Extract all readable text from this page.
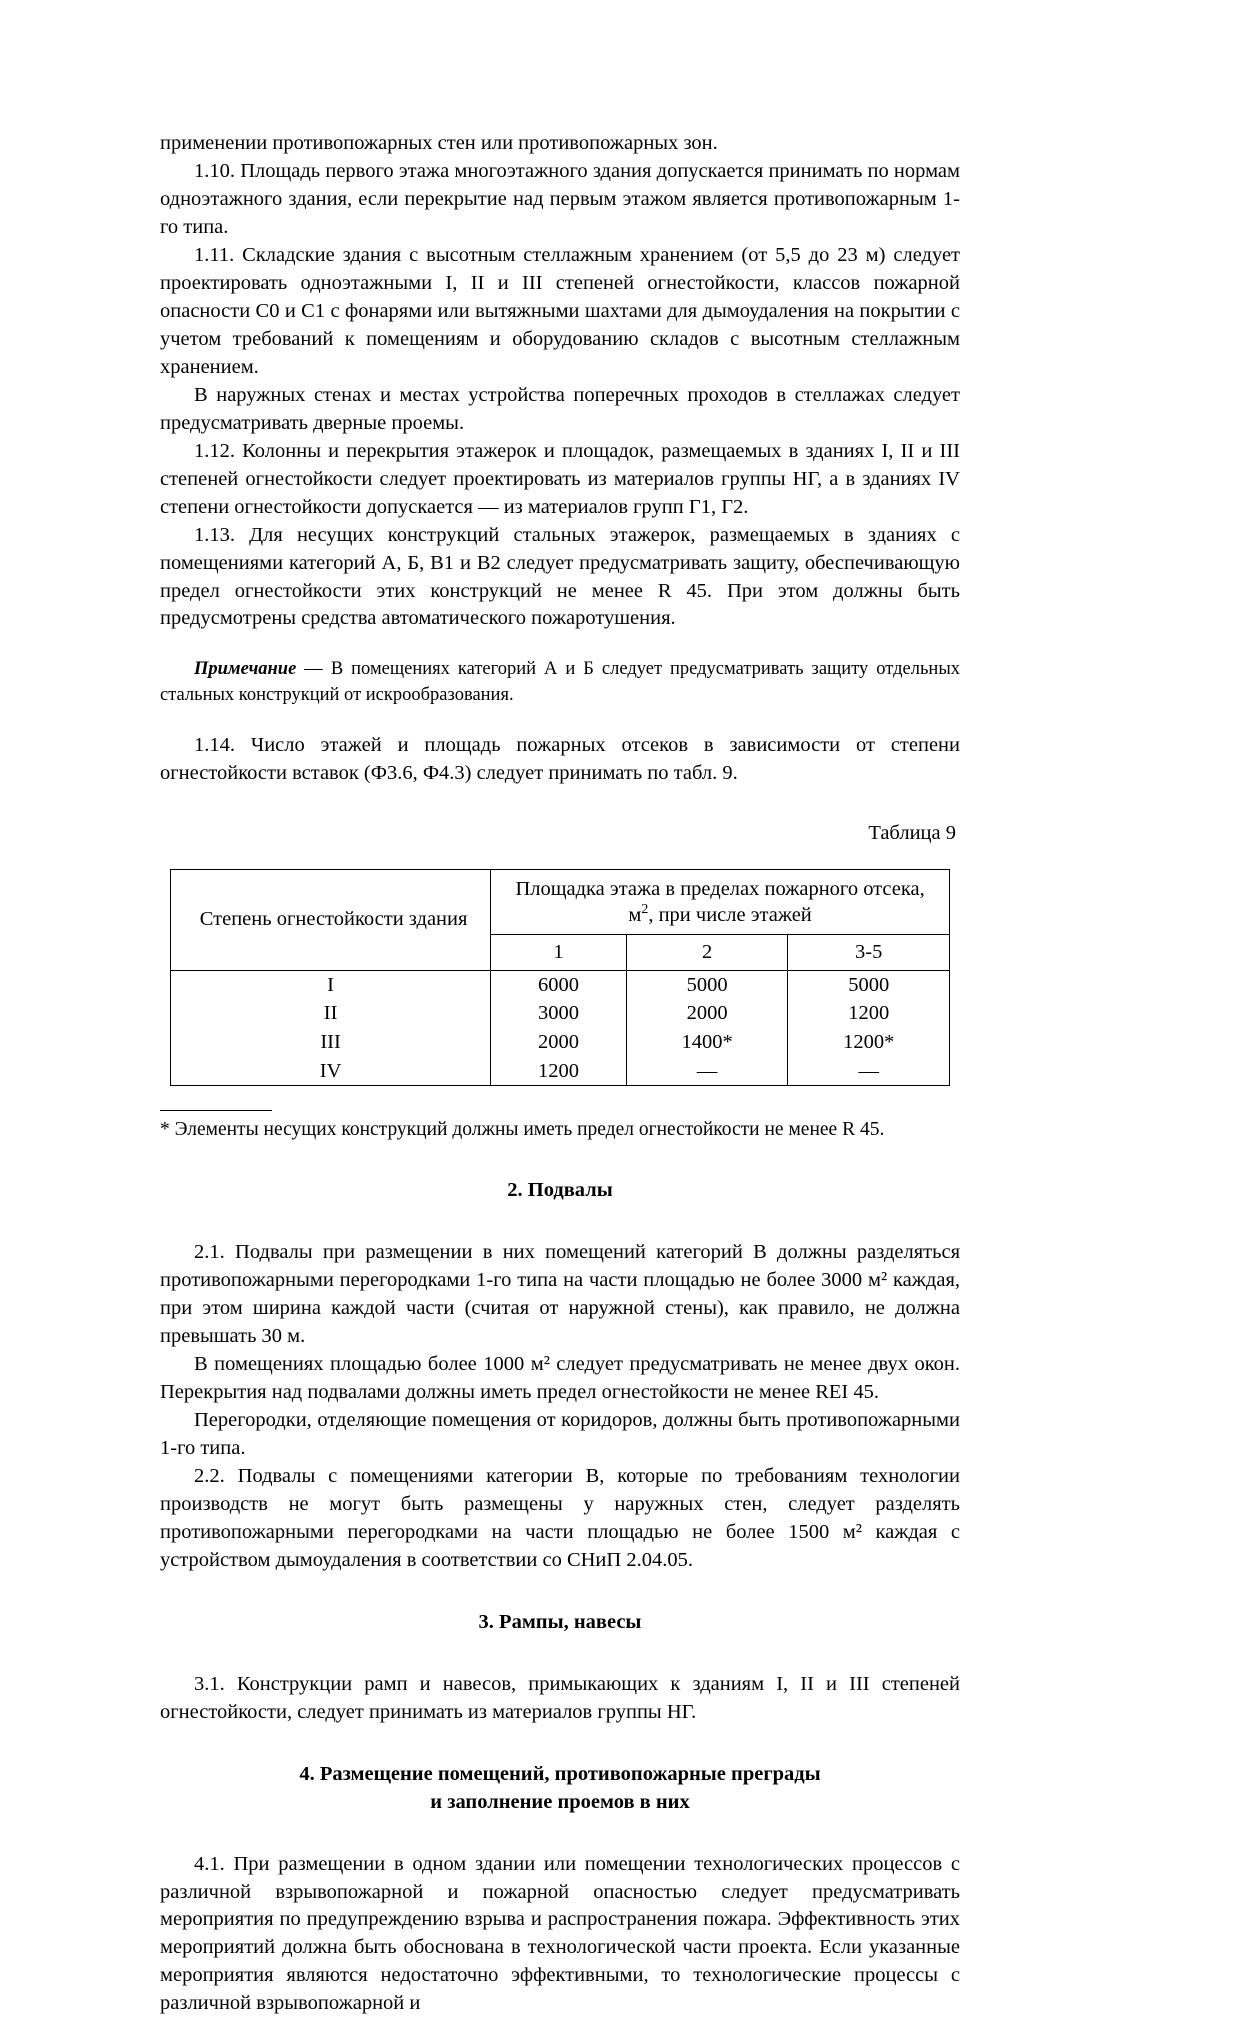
применении противопожарных стен или противопожарных зон.

1.10. Площадь первого этажа многоэтажного здания допускается принимать по нормам одноэтажного здания, если перекрытие над первым этажом является противопожарным 1-го типа.

1.11. Складские здания с высотным стеллажным хранением (от 5,5 до 23 м) следует проектировать одноэтажными I, II и III степеней огнестойкости, классов пожарной опасности С0 и С1 с фонарями или вытяжными шахтами для дымоудаления на покрытии с учетом требований к помещениям и оборудованию складов с высотным стеллажным хранением.

В наружных стенах и местах устройства поперечных проходов в стеллажах следует предусматривать дверные проемы.

1.12. Колонны и перекрытия этажерок и площадок, размещаемых в зданиях I, II и III степеней огнестойкости следует проектировать из материалов группы НГ, а в зданиях IV степени огнестойкости допускается — из материалов групп Г1, Г2.

1.13. Для несущих конструкций стальных этажерок, размещаемых в зданиях с помещениями категорий А, Б, В1 и В2 следует предусматривать защиту, обеспечивающую предел огнестойкости этих конструкций не менее R 45. При этом должны быть предусмотрены средства автоматического пожаротушения.

Примечание — В помещениях категорий А и Б следует предусматривать защиту отдельных стальных конструкций от искрообразования.

1.14. Число этажей и площадь пожарных отсеков в зависимости от степени огнестойкости вставок (Ф3.6, Ф4.3) следует принимать по табл. 9.

Таблица 9

Степень огнестойкости здания	Площадка этажа в пределах пожарного отсека,
$м^2$, при числе этажей		
	1	2	3-5
I	6000	5000	5000
II	3000	2000	1200
III	2000	1400*	1200*
IV	1200	—	—

* Элементы несущих конструкций должны иметь предел огнестойкости не менее R 45.

2. Подвалы

2.1. Подвалы при размещении в них помещений категорий В должны разделяться противопожарными перегородками 1-го типа на части площадью не более 3000 м² каждая, при этом ширина каждой части (считая от наружной стены), как правило, не должна превышать 30 м.

В помещениях площадью более 1000 м² следует предусматривать не менее двух окон. Перекрытия над подвалами должны иметь предел огнестойкости не менее REI 45.

Перегородки, отделяющие помещения от коридоров, должны быть противопожарными 1-го типа.

2.2. Подвалы с помещениями категории В, которые по требованиям технологии производств не могут быть размещены у наружных стен, следует разделять противопожарными перегородками на части площадью не более 1500 м² каждая с устройством дымоудаления в соответствии со СНиП 2.04.05.

3. Рампы, навесы

3.1. Конструкции рамп и навесов, примыкающих к зданиям I, II и III степеней огнестойкости, следует принимать из материалов группы НГ.

4. Размещение помещений, противопожарные преграды
и заполнение проемов в них

4.1. При размещении в одном здании или помещении технологических процессов с различной взрывопожарной и пожарной опасностью следует предусматривать мероприятия по предупреждению взрыва и распространения пожара. Эффективность этих мероприятий должна быть обоснована в технологической части проекта. Если указанные мероприятия являются недостаточно эффективными, то технологические процессы с различной взрывопожарной и
